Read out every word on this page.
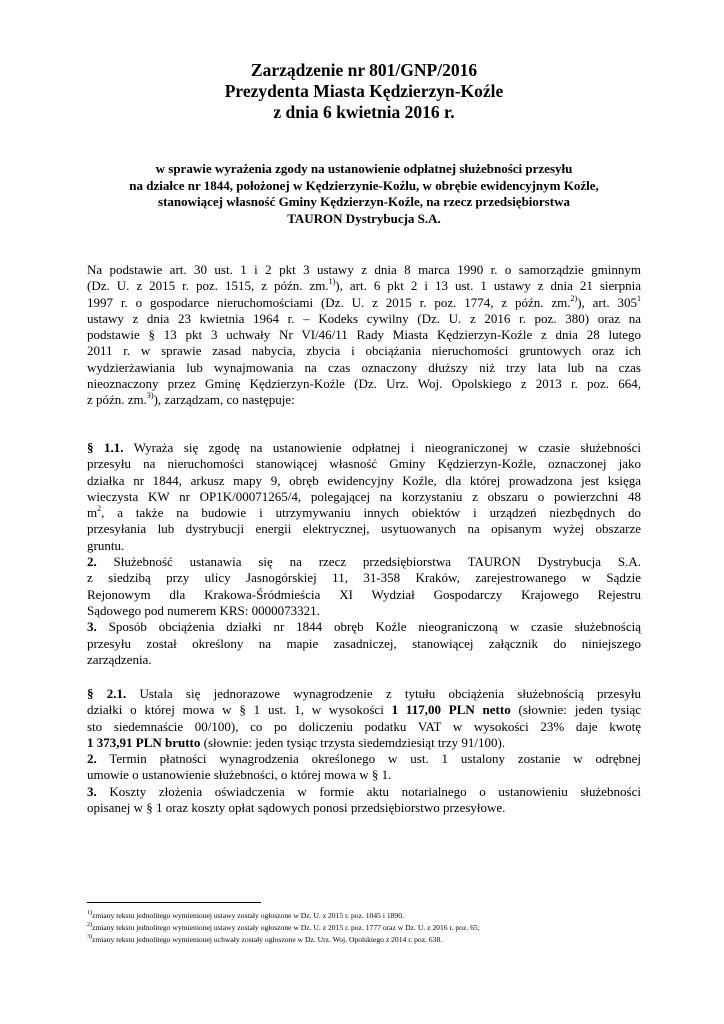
Zarządzenie nr 801/GNP/2016
Prezydenta Miasta Kędzierzyn-Koźle
z dnia 6 kwietnia 2016 r.
w sprawie wyrażenia zgody na ustanowienie odpłatnej służebności przesyłu
na działce nr 1844, położonej w Kędzierzynie-Koźlu, w obrębie ewidencyjnym Koźle,
stanowiącej własność Gminy Kędzierzyn-Koźle, na rzecz przedsiębiorstwa
TAURON Dystrybucja S.A.
Na podstawie art. 30 ust. 1 i 2 pkt 3 ustawy z dnia 8 marca 1990 r. o samorządzie gminnym
(Dz. U. z 2015 r. poz. 1515, z późn. zm.$^{1)}$), art. 6 pkt 2 i 13 ust. 1 ustawy z dnia 21 sierpnia
1997 r. o gospodarce nieruchomościami (Dz. U. z 2015 r. poz. 1774, z późn. zm.$^{2)}$), art. $305^1$
ustawy z dnia 23 kwietnia 1964 r. – Kodeks cywilny (Dz. U. z 2016 r. poz. 380) oraz na
podstawie § 13 pkt 3 uchwały Nr VI/46/11 Rady Miasta Kędzierzyn-Koźle z dnia 28 lutego
2011 r. w sprawie zasad nabycia, zbycia i obciążania nieruchomości gruntowych oraz ich
wydzierżawiania lub wynajmowania na czas oznaczony dłuższy niż trzy lata lub na czas
nieoznaczony przez Gminę Kędzierzyn-Koźle (Dz. Urz. Woj. Opolskiego z 2013 r. poz. 664,
z późn. zm.$^{3)}$), zarządzam, co następuje:
§ 1.1. Wyraża się zgodę na ustanowienie odpłatnej i nieograniczonej w czasie służebności
przesyłu na nieruchomości stanowiącej własność Gminy Kędzierzyn-Koźle, oznaczonej jako
działka nr 1844, arkusz mapy 9, obręb ewidencyjny Koźle, dla której prowadzona jest księga
wieczysta KW nr OP1K/00071265/4, polegającej na korzystaniu z obszaru o powierzchni 48
$m^2$, a także na budowie i utrzymywaniu innych obiektów i urządzeń niezbędnych do
przesyłania lub dystrybucji energii elektrycznej, usytuowanych na opisanym wyżej obszarze
gruntu.
2. Służebność ustanawia się na rzecz przedsiębiorstwa TAURON Dystrybucja S.A.
z siedzibą przy ulicy Jasnogórskiej 11, 31-358 Kraków, zarejestrowanego w Sądzie
Rejonowym dla Krakowa-Śródmieścia XI Wydział Gospodarczy Krajowego Rejestru
Sądowego pod numerem KRS: 0000073321.
3. Sposób obciążenia działki nr 1844 obręb Koźle nieograniczoną w czasie służebnością
przesyłu został określony na mapie zasadniczej, stanowiącej załącznik do niniejszego
zarządzenia.
§ 2.1. Ustala się jednorazowe wynagrodzenie z tytułu obciążenia służebnością przesyłu
działki o której mowa w § 1 ust. 1, w wysokości 1 117,00 PLN netto (słownie: jeden tysiąc
sto siedemnaście 00/100), co po doliczeniu podatku VAT w wysokości 23% daje kwotę
1 373,91 PLN brutto (słownie: jeden tysiąc trzysta siedemdziesiąt trzy 91/100).
2. Termin płatności wynagrodzenia określonego w ust. 1 ustalony zostanie w odrębnej
umowie o ustanowienie służebności, o której mowa w § 1.
3. Koszty złożenia oświadczenia w formie aktu notarialnego o ustanowieniu służebności
opisanej w § 1 oraz koszty opłat sądowych ponosi przedsiębiorstwo przesyłowe.
$^{1)}$zmiany tekstu jednolitego wymienionej ustawy zostały ogłoszone w Dz. U. z 2015 r. poz. 1045 i 1890.
$^{2)}$zmiany tekstu jednolitego wymienionej ustawy zostały ogłoszone w Dz. U. z 2015 r. poz. 1777 oraz w Dz. U. z 2016 r. poz. 65;
$^{3)}$zmiany tekstu jednolitego wymienionej uchwały zostały ogłoszone w Dz. Urz. Woj. Opolskiego z 2014 r. poz. 638.
